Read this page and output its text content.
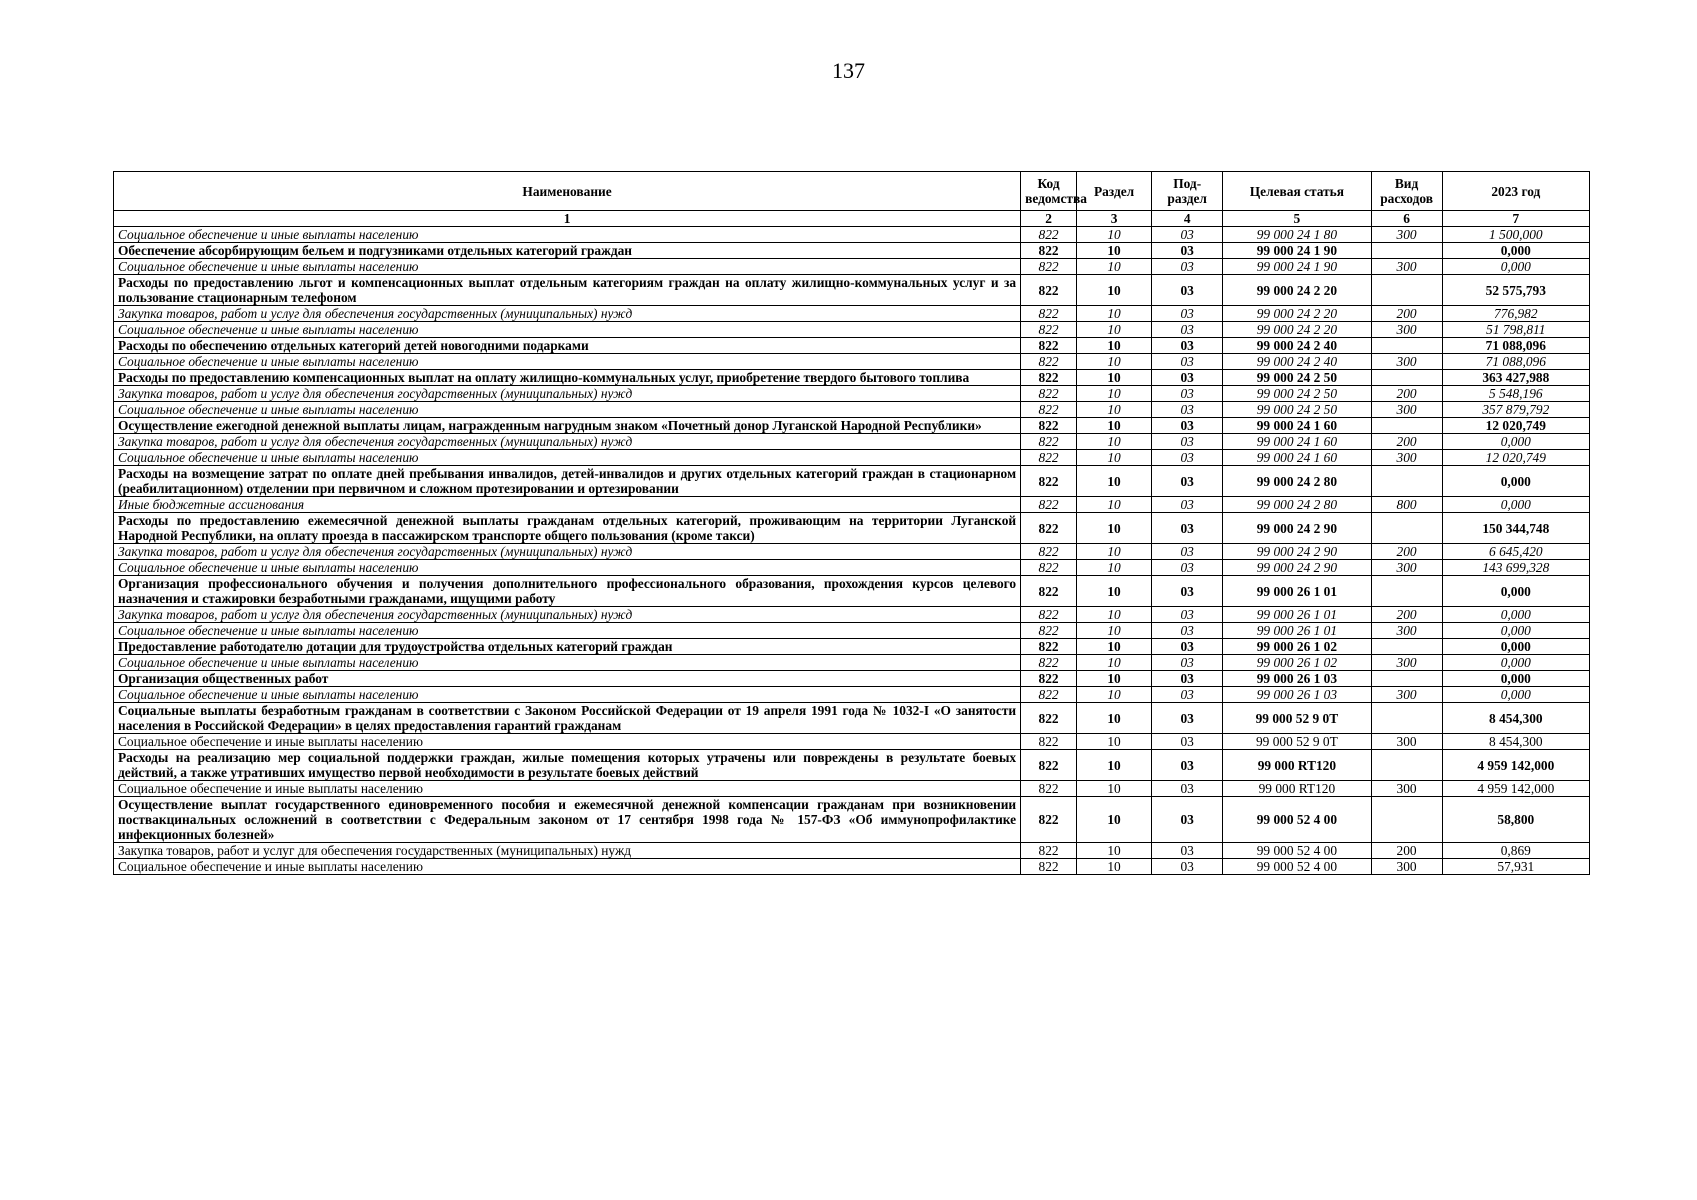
137
Наименование	Код ведомства	Раздел	Под-раздел	Целевая статья	Вид расходов	2023 год
1	2	3	4	5	6	7
Социальное обеспечение и иные выплаты населению	822	10	03	99 000 24 1 80	300	1 500,000
Обеспечение абсорбирующим бельем и подгузниками отдельных категорий граждан	822	10	03	99 000 24 1 90		0,000
Социальное обеспечение и иные выплаты населению	822	10	03	99 000 24 1 90	300	0,000
Расходы по предоставлению льгот и компенсационных выплат отдельным категориям граждан на оплату жилищно-коммунальных услуг и за пользование стационарным телефоном	822	10	03	99 000 24 2 20		52 575,793
Закупка товаров, работ и услуг для обеспечения государственных (муниципальных) нужд	822	10	03	99 000 24 2 20	200	776,982
Социальное обеспечение и иные выплаты населению	822	10	03	99 000 24 2 20	300	51 798,811
Расходы по обеспечению отдельных категорий детей новогодними подарками	822	10	03	99 000 24 2 40		71 088,096
Социальное обеспечение и иные выплаты населению	822	10	03	99 000 24 2 40	300	71 088,096
Расходы по предоставлению компенсационных выплат на оплату жилищно-коммунальных услуг, приобретение твердого бытового топлива	822	10	03	99 000 24 2 50		363 427,988
Закупка товаров, работ и услуг для обеспечения государственных (муниципальных) нужд	822	10	03	99 000 24 2 50	200	5 548,196
Социальное обеспечение и иные выплаты населению	822	10	03	99 000 24 2 50	300	357 879,792
Осуществление ежегодной денежной выплаты лицам, награжденным нагрудным знаком «Почетный донор Луганской Народной Республики»	822	10	03	99 000 24 1 60		12 020,749
Закупка товаров, работ и услуг для обеспечения государственных (муниципальных) нужд	822	10	03	99 000 24 1 60	200	0,000
Социальное обеспечение и иные выплаты населению	822	10	03	99 000 24 1 60	300	12 020,749
Расходы на возмещение затрат по оплате дней пребывания инвалидов, детей-инвалидов и других отдельных категорий граждан в стационарном (реабилитационном) отделении при первичном и сложном протезировании и ортезировании	822	10	03	99 000 24 2 80		0,000
Иные бюджетные ассигнования	822	10	03	99 000 24 2 80	800	0,000
Расходы по предоставлению ежемесячной денежной выплаты гражданам отдельных категорий, проживающим на территории Луганской Народной Республики, на оплату проезда в пассажирском транспорте общего пользования (кроме такси)	822	10	03	99 000 24 2 90		150 344,748
Закупка товаров, работ и услуг для обеспечения государственных (муниципальных) нужд	822	10	03	99 000 24 2 90	200	6 645,420
Социальное обеспечение и иные выплаты населению	822	10	03	99 000 24 2 90	300	143 699,328
Организация профессионального обучения и получения дополнительного профессионального образования, прохождения курсов целевого назначения и стажировки безработными гражданами, ищущими работу	822	10	03	99 000 26 1 01		0,000
Закупка товаров, работ и услуг для обеспечения государственных (муниципальных) нужд	822	10	03	99 000 26 1 01	200	0,000
Социальное обеспечение и иные выплаты населению	822	10	03	99 000 26 1 01	300	0,000
Предоставление работодателю дотации для трудоустройства отдельных категорий граждан	822	10	03	99 000 26 1 02		0,000
Социальное обеспечение и иные выплаты населению	822	10	03	99 000 26 1 02	300	0,000
Организация общественных работ	822	10	03	99 000 26 1 03		0,000
Социальное обеспечение и иные выплаты населению	822	10	03	99 000 26 1 03	300	0,000
Социальные выплаты безработным гражданам в соответствии с Законом Российской Федерации от 19 апреля 1991 года № 1032-I «О занятости населения в Российской Федерации» в целях предоставления гарантий гражданам	822	10	03	99 000 52 9 0Т		8 454,300
Социальное обеспечение и иные выплаты населению	822	10	03	99 000 52 9 0Т	300	8 454,300
Расходы на реализацию мер социальной поддержки граждан, жилые помещения которых утрачены или повреждены в результате боевых действий, а также утративших имущество первой необходимости в результате боевых действий	822	10	03	99 000 RT120		4 959 142,000
Социальное обеспечение и иные выплаты населению	822	10	03	99 000 RT120	300	4 959 142,000
Осуществление выплат государственного единовременного пособия и ежемесячной денежной компенсации гражданам при возникновении поствакцинальных осложнений в соответствии с Федеральным законом от 17 сентября 1998 года № 157-ФЗ «Об иммунопрофилактике инфекционных болезней»	822	10	03	99 000 52 4 00		58,800
Закупка товаров, работ и услуг для обеспечения государственных (муниципальных) нужд	822	10	03	99 000 52 4 00	200	0,869
Социальное обеспечение и иные выплаты населению	822	10	03	99 000 52 4 00	300	57,931
